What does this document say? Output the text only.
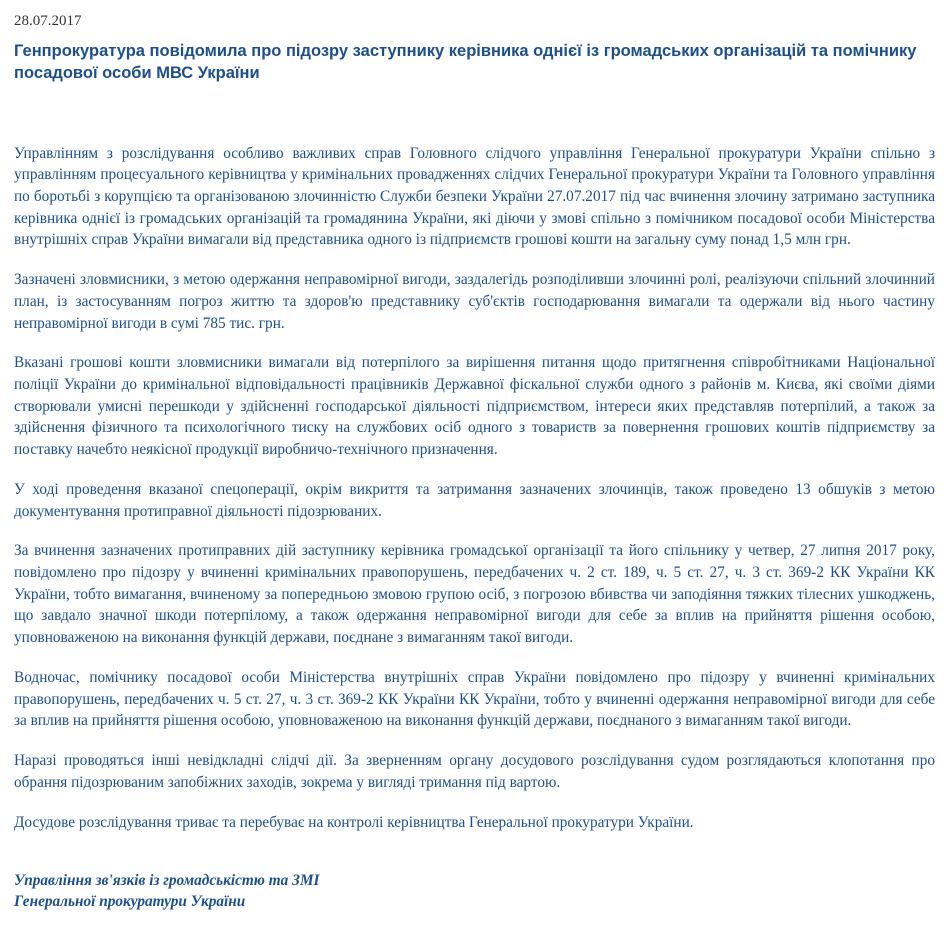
28.07.2017
Генпрокуратура повідомила про підозру заступнику керівника однієї із громадських організацій та помічнику посадової особи МВС України

Управлінням з розслідування особливо важливих справ Головного слідчого управління Генеральної прокуратури України спільно з управлінням процесуального керівництва у кримінальних провадженнях слідчих Генеральної прокуратури України та Головного управління по боротьбі з корупцією та організованою злочинністю Служби безпеки України 27.07.2017 під час вчинення злочину затримано заступника керівника однієї із громадських організацій та громадянина України, які діючи у змові спільно з помічником посадової особи Міністерства внутрішніх справ України вимагали від представника одного із підприємств грошові кошти на загальну суму понад 1,5 млн грн.

Зазначені зловмисники, з метою одержання неправомірної вигоди, заздалегідь розподіливши злочинні ролі, реалізуючи спільний злочинний план, із застосуванням погроз життю та здоров'ю представнику суб'єктів господарювання вимагали та одержали від нього частину неправомірної вигоди в сумі 785 тис. грн.

Вказані грошові кошти зловмисники вимагали від потерпілого за вирішення питання щодо притягнення співробітниками Національної поліції України до кримінальної відповідальності працівників Державної фіскальної служби одного з районів м. Києва, які своїми діями створювали умисні перешкоди у здійсненні господарської діяльності підприємством, інтереси яких представляв потерпілий, а також за здійснення фізичного та психологічного тиску на службових осіб одного з товариств за повернення грошових коштів підприємству за поставку начебто неякісної продукції виробничо-технічного призначення.

У ході проведення вказаної спецоперації, окрім викриття та затримання зазначених злочинців, також проведено 13 обшуків з метою документування протиправної діяльності підозрюваних.

За вчинення зазначених протиправних дій заступнику керівника громадської організації та його спільнику у четвер, 27 липня 2017 року, повідомлено про підозру у вчиненні кримінальних правопорушень, передбачених ч. 2 ст. 189, ч. 5 ст. 27, ч. 3 ст. 369-2 КК України КК України, тобто вимагання, вчиненому за попередньою змовою групою осіб, з погрозою вбивства чи заподіяння тяжких тілесних ушкоджень, що завдало значної шкоди потерпілому, а також одержання неправомірної вигоди для себе за вплив на прийняття рішення особою, уповноваженою на виконання функцій держави, поєднане з вимаганням такої вигоди.

Водночас, помічнику посадової особи Міністерства внутрішніх справ України повідомлено про підозру у вчиненні кримінальних правопорушень, передбачених ч. 5 ст. 27, ч. 3 ст. 369-2 КК України КК України, тобто у вчиненні одержання неправомірної вигоди для себе за вплив на прийняття рішення особою, уповноваженою на виконання функцій держави, поєднаного з вимаганням такої вигоди.

Наразі проводяться інші невідкладні слідчі дії. За зверненням органу досудового розслідування судом розглядаються клопотання про обрання підозрюваним запобіжних заходів, зокрема у вигляді тримання під вартою.

Досудове розслідування триває та перебуває на контролі керівництва Генеральної прокуратури України.

Управління зв'язків із громадськістю та ЗМІ
Генеральної прокуратури України
